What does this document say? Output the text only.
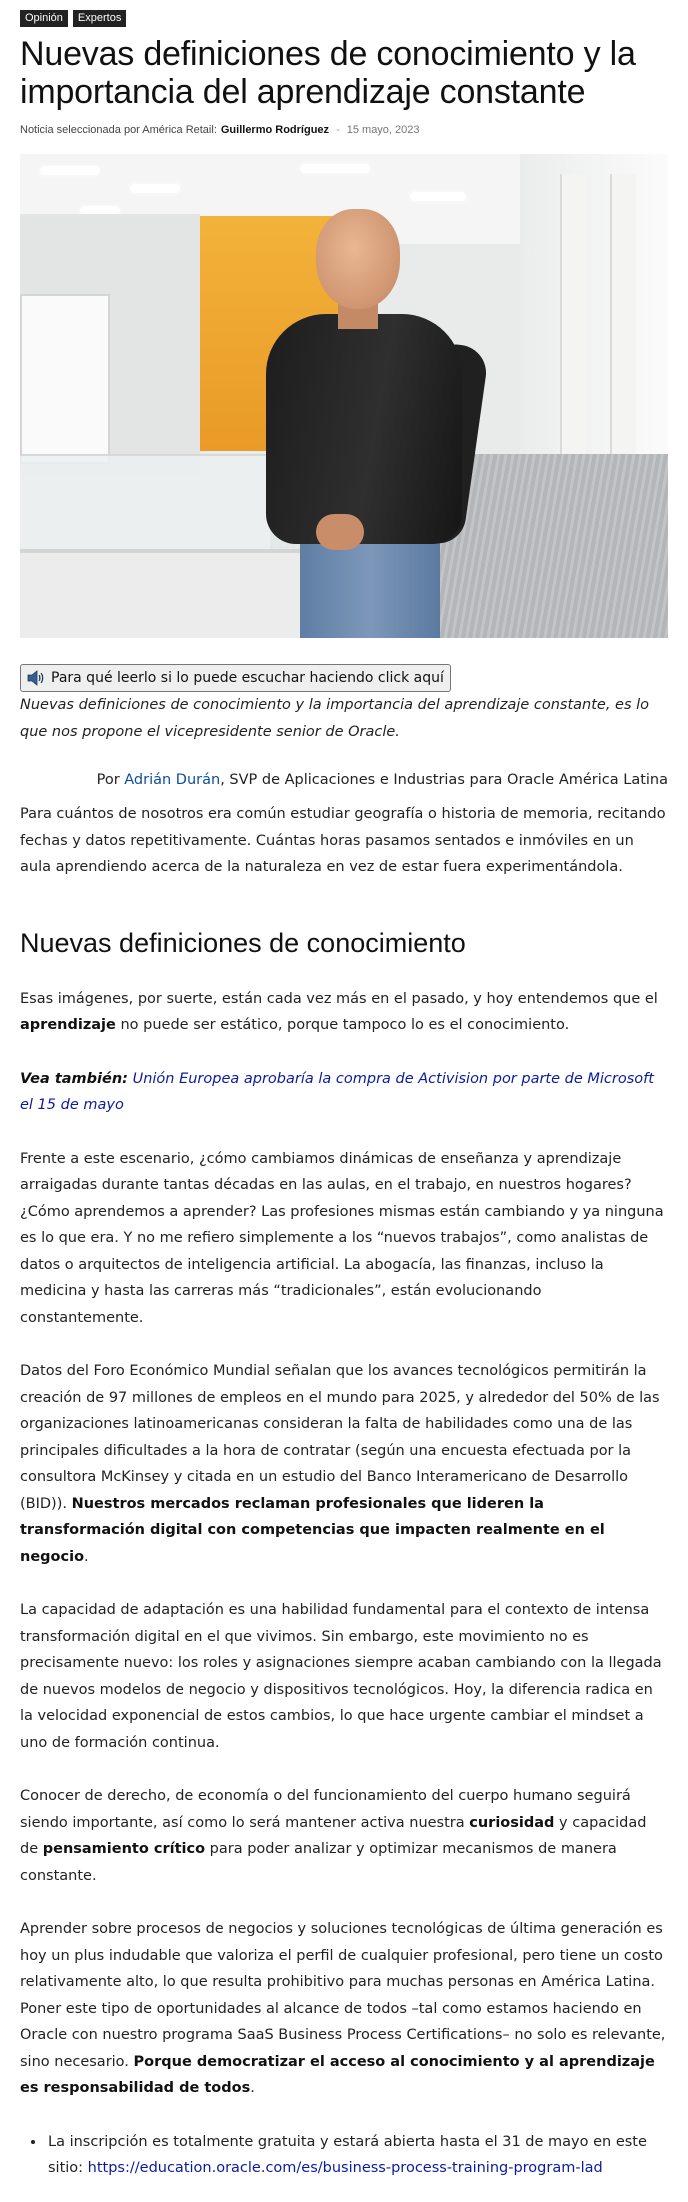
Opinión	Expertos
Nuevas definiciones de conocimiento y la importancia del aprendizaje constante
Noticia seleccionada por América Retail: Guillermo Rodríguez - 15 mayo, 2023
Para qué leerlo si lo puede escuchar haciendo click aquí

Nuevas definiciones de conocimiento y la importancia del aprendizaje constante, es lo que nos propone el vicepresidente senior de Oracle.

Por Adrián Durán, SVP de Aplicaciones e Industrias para Oracle América Latina

Para cuántos de nosotros era común estudiar geografía o historia de memoria, recitando fechas y datos repetitivamente. Cuántas horas pasamos sentados e inmóviles en un aula aprendiendo acerca de la naturaleza en vez de estar fuera experimentándola.

Nuevas definiciones de conocimiento

Esas imágenes, por suerte, están cada vez más en el pasado, y hoy entendemos que el aprendizaje no puede ser estático, porque tampoco lo es el conocimiento.

Vea también: Unión Europea aprobaría la compra de Activision por parte de Microsoft el 15 de mayo

Frente a este escenario, ¿cómo cambiamos dinámicas de enseñanza y aprendizaje arraigadas durante tantas décadas en las aulas, en el trabajo, en nuestros hogares? ¿Cómo aprendemos a aprender? Las profesiones mismas están cambiando y ya ninguna es lo que era. Y no me refiero simplemente a los “nuevos trabajos”, como analistas de datos o arquitectos de inteligencia artificial. La abogacía, las finanzas, incluso la medicina y hasta las carreras más “tradicionales”, están evolucionando constantemente.

Datos del Foro Económico Mundial señalan que los avances tecnológicos permitirán la creación de 97 millones de empleos en el mundo para 2025, y alrededor del 50% de las organizaciones latinoamericanas consideran la falta de habilidades como una de las principales dificultades a la hora de contratar (según una encuesta efectuada por la consultora McKinsey y citada en un estudio del Banco Interamericano de Desarrollo (BID)). Nuestros mercados reclaman profesionales que lideren la transformación digital con competencias que impacten realmente en el negocio.

La capacidad de adaptación es una habilidad fundamental para el contexto de intensa transformación digital en el que vivimos. Sin embargo, este movimiento no es precisamente nuevo: los roles y asignaciones siempre acaban cambiando con la llegada de nuevos modelos de negocio y dispositivos tecnológicos. Hoy, la diferencia radica en la velocidad exponencial de estos cambios, lo que hace urgente cambiar el mindset a uno de formación continua.

Conocer de derecho, de economía o del funcionamiento del cuerpo humano seguirá siendo importante, así como lo será mantener activa nuestra curiosidad y capacidad de pensamiento crítico para poder analizar y optimizar mecanismos de manera constante.

Aprender sobre procesos de negocios y soluciones tecnológicas de última generación es hoy un plus indudable que valoriza el perfil de cualquier profesional, pero tiene un costo relativamente alto, lo que resulta prohibitivo para muchas personas en América Latina. Poner este tipo de oportunidades al alcance de todos –tal como estamos haciendo en Oracle con nuestro programa SaaS Business Process Certifications– no solo es relevante, sino necesario. Porque democratizar el acceso al conocimiento y al aprendizaje es responsabilidad de todos.

• La inscripción es totalmente gratuita y estará abierta hasta el 31 de mayo en este sitio: https://education.oracle.com/es/business-process-training-program-lad
